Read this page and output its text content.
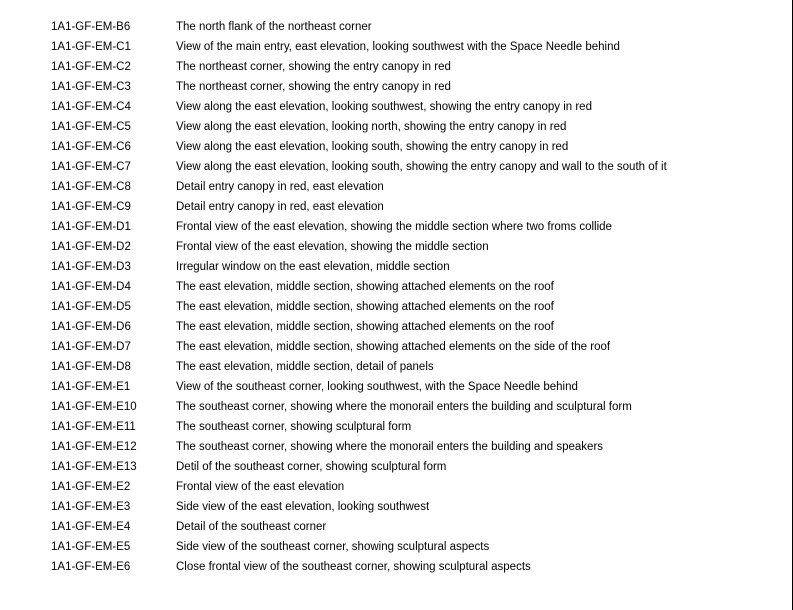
1A1-GF-EM-B6	The north flank of the northeast corner
1A1-GF-EM-C1	View of the main entry, east elevation, looking southwest with the Space Needle behind
1A1-GF-EM-C2	The northeast corner, showing the entry canopy in red
1A1-GF-EM-C3	The northeast corner, showing the entry canopy in red
1A1-GF-EM-C4	View along the east elevation, looking southwest, showing the entry canopy in red
1A1-GF-EM-C5	View along the east elevation, looking north, showing the entry canopy in red
1A1-GF-EM-C6	View along the east elevation, looking south, showing the entry canopy in red
1A1-GF-EM-C7	View along the east elevation, looking south, showing the entry canopy and wall to the south of it
1A1-GF-EM-C8	Detail entry canopy in red, east elevation
1A1-GF-EM-C9	Detail entry canopy in red, east elevation
1A1-GF-EM-D1	Frontal view of the east elevation, showing the middle section where two froms collide
1A1-GF-EM-D2	Frontal view of the east elevation, showing the middle section
1A1-GF-EM-D3	Irregular window on the east elevation, middle section
1A1-GF-EM-D4	The east elevation, middle section, showing attached elements on the roof
1A1-GF-EM-D5	The east elevation, middle section, showing attached elements on the roof
1A1-GF-EM-D6	The east elevation, middle section, showing attached elements on the roof
1A1-GF-EM-D7	The east elevation, middle section, showing attached elements on the side of the roof
1A1-GF-EM-D8	The east elevation, middle section, detail of panels
1A1-GF-EM-E1	View of the southeast corner, looking southwest, with the Space Needle behind
1A1-GF-EM-E10	The southeast corner, showing where the monorail enters the building and sculptural form
1A1-GF-EM-E11	The southeast corner, showing sculptural form
1A1-GF-EM-E12	The southeast corner, showing where the monorail enters the building and speakers
1A1-GF-EM-E13	Detil of the southeast corner, showing sculptural form
1A1-GF-EM-E2	Frontal view of the east elevation
1A1-GF-EM-E3	Side view of the east elevation, looking southwest
1A1-GF-EM-E4	Detail of the southeast corner
1A1-GF-EM-E5	Side view of the southeast corner, showing sculptural aspects
1A1-GF-EM-E6	Close frontal view of the southeast corner, showing sculptural aspects
